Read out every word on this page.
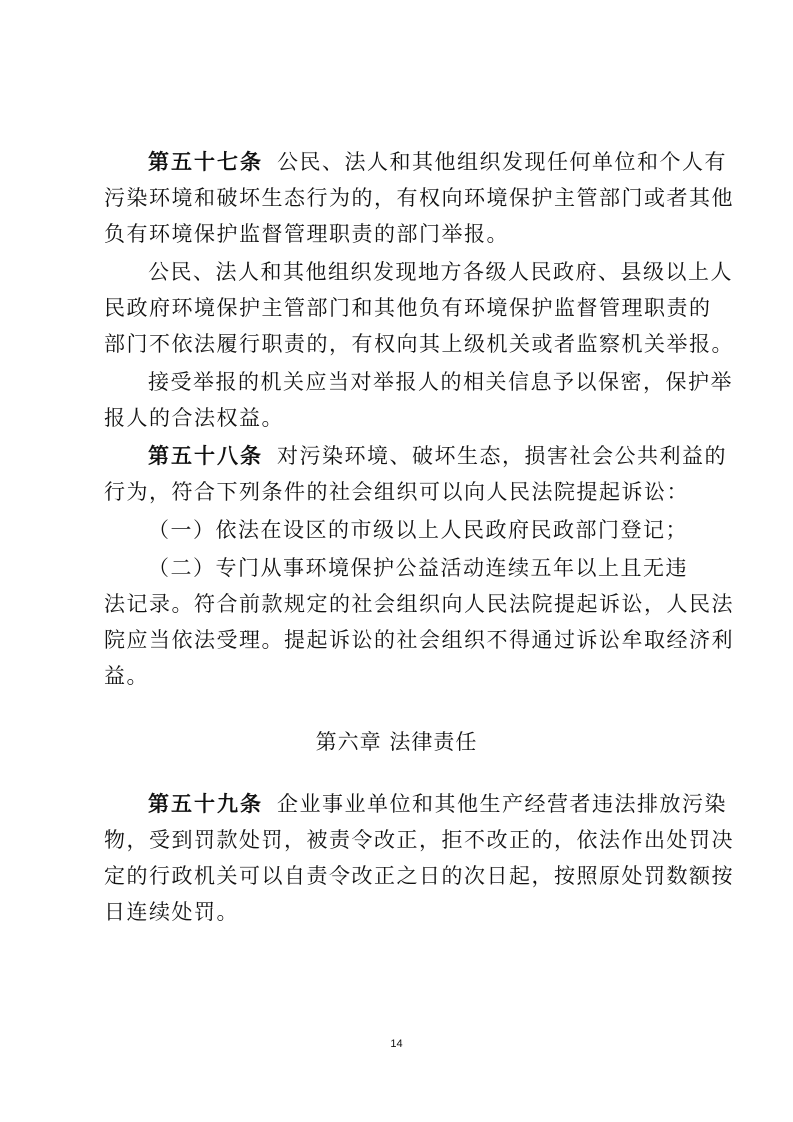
第五十七条 公民、法人和其他组织发现任何单位和个人有
污染环境和破坏生态行为的，有权向环境保护主管部门或者其他
负有环境保护监督管理职责的部门举报。
公民、法人和其他组织发现地方各级人民政府、县级以上人
民政府环境保护主管部门和其他负有环境保护监督管理职责的
部门不依法履行职责的，有权向其上级机关或者监察机关举报。
接受举报的机关应当对举报人的相关信息予以保密，保护举
报人的合法权益。
第五十八条 对污染环境、破坏生态，损害社会公共利益的
行为，符合下列条件的社会组织可以向人民法院提起诉讼：
（一）依法在设区的市级以上人民政府民政部门登记；
（二）专门从事环境保护公益活动连续五年以上且无违
法记录。符合前款规定的社会组织向人民法院提起诉讼，人民法
院应当依法受理。提起诉讼的社会组织不得通过诉讼牟取经济利
益。
第六章 法律责任
第五十九条 企业事业单位和其他生产经营者违法排放污染
物，受到罚款处罚，被责令改正，拒不改正的，依法作出处罚决
定的行政机关可以自责令改正之日的次日起，按照原处罚数额按
日连续处罚。
14
